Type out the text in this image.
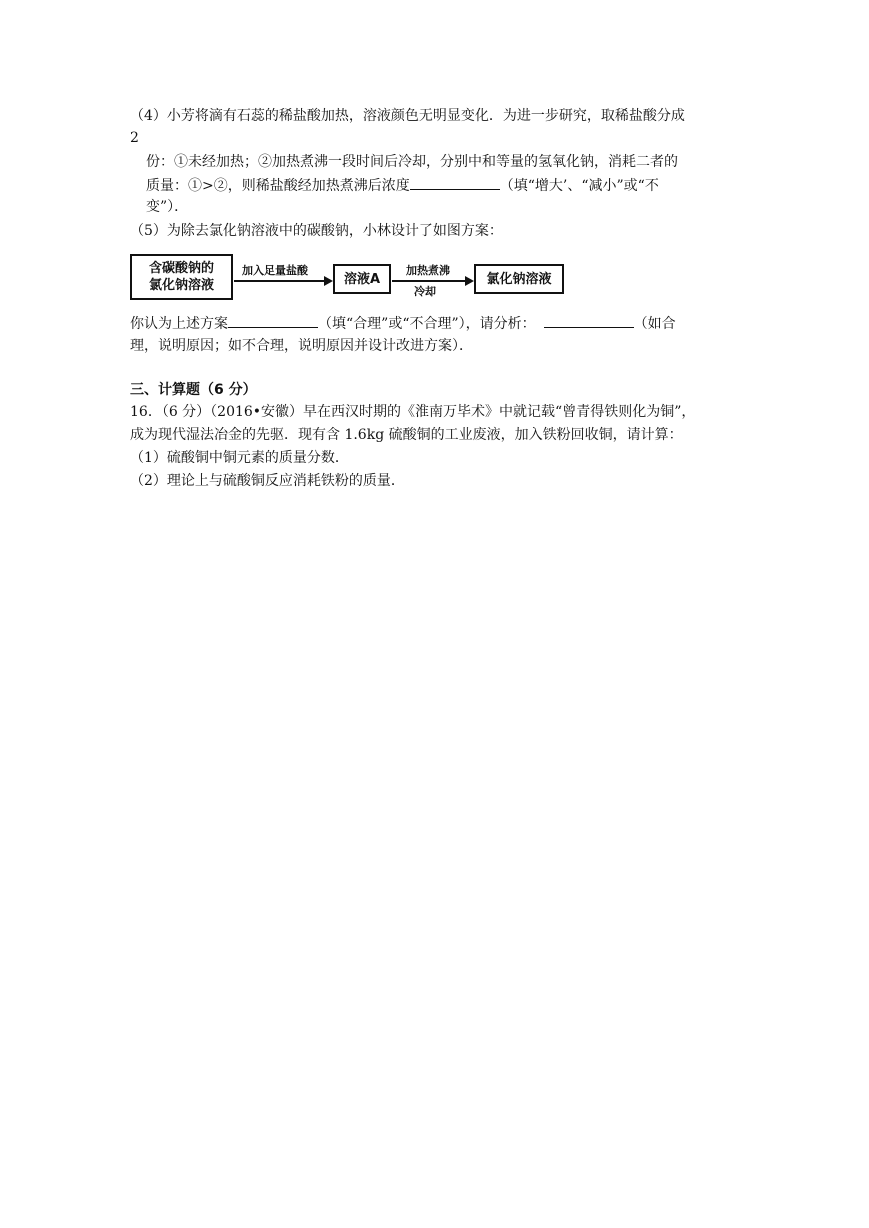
（4）小芳将滴有石蕊的稀盐酸加热，溶液颜色无明显变化．为进一步研究，取稀盐酸分成
2
份：①未经加热；②加热煮沸一段时间后冷却，分别中和等量的氢氧化钠，消耗二者的
质量：①>②，则稀盐酸经加热煮沸后浓度	（填“增大’、“减小”或“不
变”）．
（5）为除去氯化钠溶液中的碳酸钠，小林设计了如图方案：
含碳酸钠的
氯化钠溶液
加入足量盐酸
溶液A
加热煮沸
冷却
氯化钠溶液
你认为上述方案	（填“合理”或“不合理”），请分析：	（如合
理，说明原因；如不合理，说明原因并设计改进方案）．
三、计算题（6 分）
16．（6 分）（2016•安徽）早在西汉时期的《淮南万毕术》中就记载“曾青得铁则化为铜”，
成为现代湿法冶金的先驱．现有含 1.6kg 硫酸铜的工业废液，加入铁粉回收铜，请计算：
（1）硫酸铜中铜元素的质量分数．
（2）理论上与硫酸铜反应消耗铁粉的质量．
